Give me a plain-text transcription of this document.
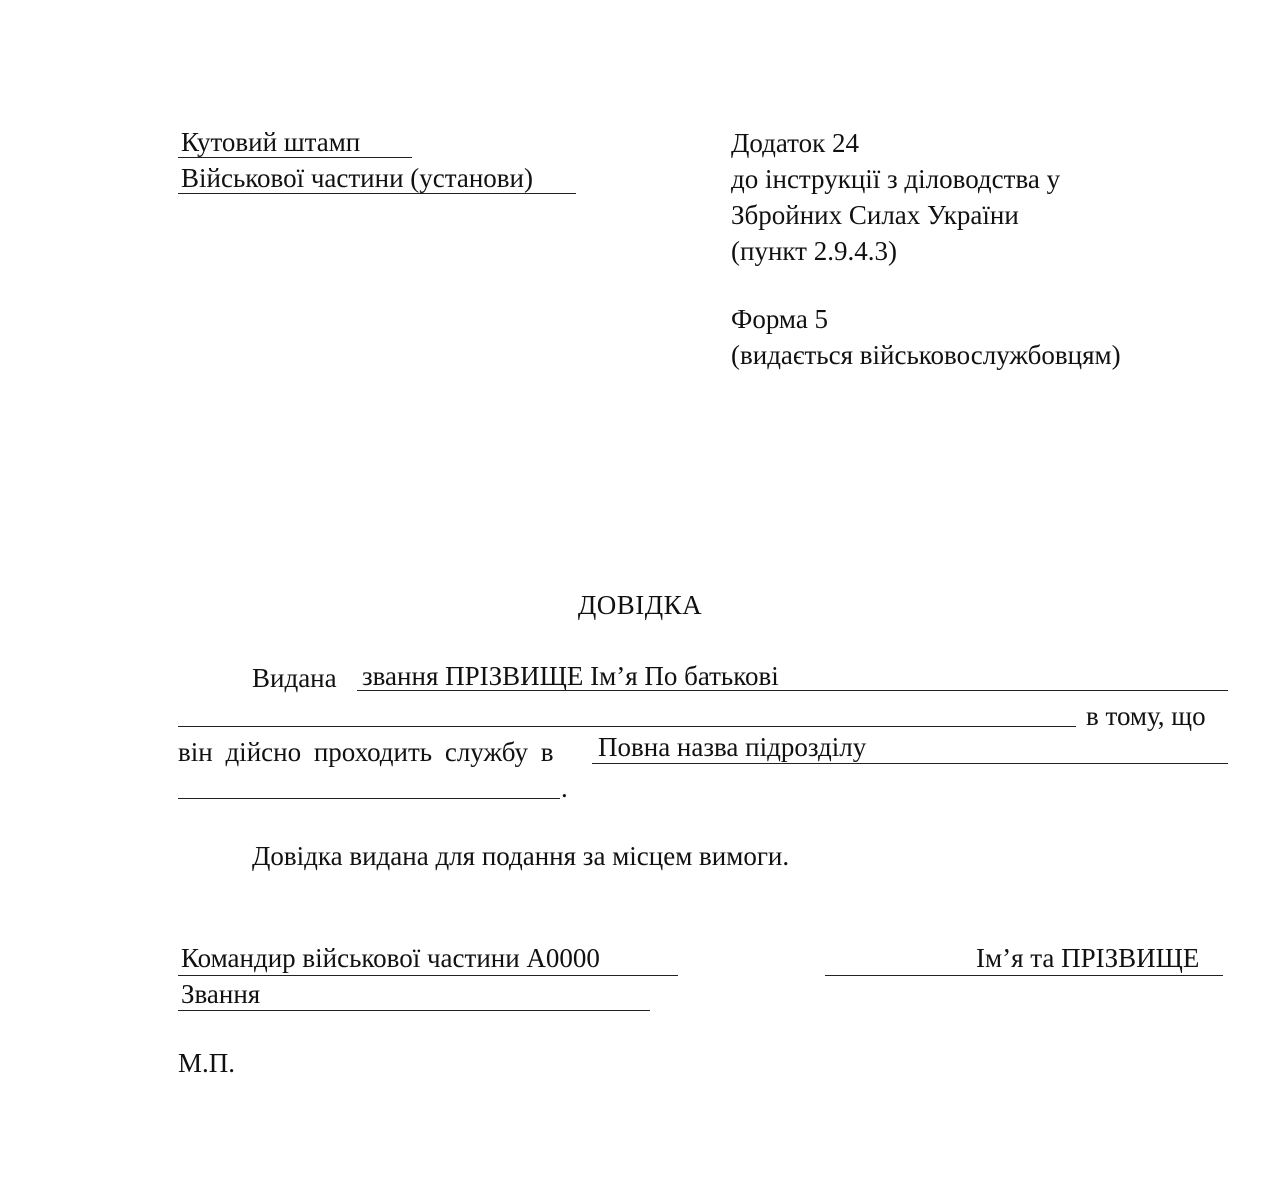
Кутовий штамп
Військової частини (установи)
Додаток 24
до інструкції з діловодства у
Збройних Силах України
(пункт 2.9.4.3)
Форма 5
(видається військовослужбовцям)
ДОВІДКА
Видана звання ПРІЗВИЩЕ Ім’я По батькові
в тому, що
він дійсно проходить службу в Повна назва підрозділу
.
Довідка видана для подання за місцем вимоги.
Командир військової частини А0000
Звання
Ім’я та ПРІЗВИЩЕ
М.П.
